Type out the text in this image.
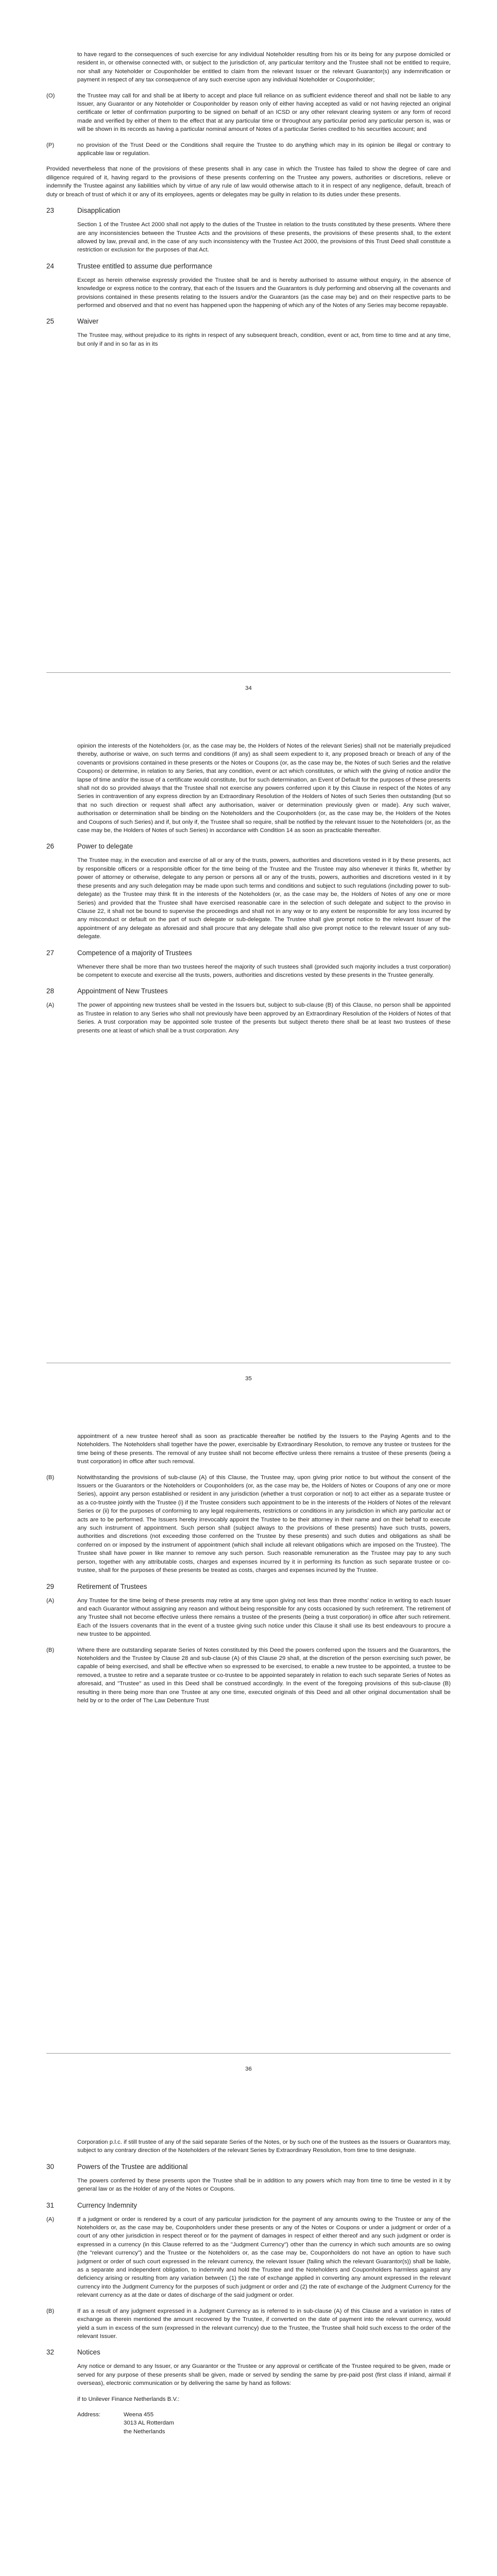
to have regard to the consequences of such exercise for any individual Noteholder resulting from his or its being for any purpose domiciled or resident in, or otherwise connected with, or subject to the jurisdiction of, any particular territory and the Trustee shall not be entitled to require, nor shall any Noteholder or Couponholder be entitled to claim from the relevant Issuer or the relevant Guarantor(s) any indemnification or payment in respect of any tax consequence of any such exercise upon any individual Noteholder or Couponholder;
(O)	the Trustee may call for and shall be at liberty to accept and place full reliance on as sufficient evidence thereof and shall not be liable to any Issuer, any Guarantor or any Noteholder or Couponholder by reason only of either having accepted as valid or not having rejected an original certificate or letter of confirmation purporting to be signed on behalf of an ICSD or any other relevant clearing system or any form of record made and verified by either of them to the effect that at any particular time or throughout any particular period any particular person is, was or will be shown in its records as having a particular nominal amount of Notes of a particular Series credited to his securities account; and
(P)	no provision of the Trust Deed or the Conditions shall require the Trustee to do anything which may in its opinion be illegal or contrary to applicable law or regulation.

Provided nevertheless that none of the provisions of these presents shall in any case in which the Trustee has failed to show the degree of care and diligence required of it, having regard to the provisions of these presents conferring on the Trustee any powers, authorities or discretions, relieve or indemnify the Trustee against any liabilities which by virtue of any rule of law would otherwise attach to it in respect of any negligence, default, breach of duty or breach of trust of which it or any of its employees, agents or delegates may be guilty in relation to its duties under these presents.

23	Disapplication
Section 1 of the Trustee Act 2000 shall not apply to the duties of the Trustee in relation to the trusts constituted by these presents. Where there are any inconsistencies between the Trustee Acts and the provisions of these presents, the provisions of these presents shall, to the extent allowed by law, prevail and, in the case of any such inconsistency with the Trustee Act 2000, the provisions of this Trust Deed shall constitute a restriction or exclusion for the purposes of that Act.
24	Trustee entitled to assume due performance
Except as herein otherwise expressly provided the Trustee shall be and is hereby authorised to assume without enquiry, in the absence of knowledge or express notice to the contrary, that each of the Issuers and the Guarantors is duly performing and observing all the covenants and provisions contained in these presents relating to the Issuers and/or the Guarantors (as the case may be) and on their respective parts to be performed and observed and that no event has happened upon the happening of which any of the Notes of any Series may become repayable.
25	Waiver
The Trustee may, without prejudice to its rights in respect of any subsequent breach, condition, event or act, from time to time and at any time, but only if and in so far as in its
34
opinion the interests of the Noteholders (or, as the case may be, the Holders of Notes of the relevant Series) shall not be materially prejudiced thereby, authorise or waive, on such terms and conditions (if any) as shall seem expedient to it, any proposed breach or breach of any of the covenants or provisions contained in these presents or the Notes or Coupons (or, as the case may be, the Notes of such Series and the relative Coupons) or determine, in relation to any Series, that any condition, event or act which constitutes, or which with the giving of notice and/or the lapse of time and/or the issue of a certificate would constitute, but for such determination, an Event of Default for the purposes of these presents shall not do so provided always that the Trustee shall not exercise any powers conferred upon it by this Clause in respect of the Notes of any Series in contravention of any express direction by an Extraordinary Resolution of the Holders of Notes of such Series then outstanding (but so that no such direction or request shall affect any authorisation, waiver or determination previously given or made). Any such waiver, authorisation or determination shall be binding on the Noteholders and the Couponholders (or, as the case may be, the Holders of the Notes and Coupons of such Series) and if, but only if, the Trustee shall so require, shall be notified by the relevant Issuer to the Noteholders (or, as the case may be, the Holders of Notes of such Series) in accordance with Condition 14 as soon as practicable thereafter.
26	Power to delegate
The Trustee may, in the execution and exercise of all or any of the trusts, powers, authorities and discretions vested in it by these presents, act by responsible officers or a responsible officer for the time being of the Trustee and the Trustee may also whenever it thinks fit, whether by power of attorney or otherwise, delegate to any person or persons all or any of the trusts, powers, authorities and discretions vested in it by these presents and any such delegation may be made upon such terms and conditions and subject to such regulations (including power to sub-delegate) as the Trustee may think fit in the interests of the Noteholders (or, as the case may be, the Holders of Notes of any one or more Series) and provided that the Trustee shall have exercised reasonable care in the selection of such delegate and subject to the proviso in Clause 22, it shall not be bound to supervise the proceedings and shall not in any way or to any extent be responsible for any loss incurred by any misconduct or default on the part of such delegate or sub-delegate. The Trustee shall give prompt notice to the relevant Issuer of the appointment of any delegate as aforesaid and shall procure that any delegate shall also give prompt notice to the relevant Issuer of any sub-delegate.
27	Competence of a majority of Trustees
Whenever there shall be more than two trustees hereof the majority of such trustees shall (provided such majority includes a trust corporation) be competent to execute and exercise all the trusts, powers, authorities and discretions vested by these presents in the Trustee generally.
28	Appointment of New Trustees
(A)	The power of appointing new trustees shall be vested in the Issuers but, subject to sub-clause (B) of this Clause, no person shall be appointed as Trustee in relation to any Series who shall not previously have been approved by an Extraordinary Resolution of the Holders of Notes of that Series. A trust corporation may be appointed sole trustee of the presents but subject thereto there shall be at least two trustees of these presents one at least of which shall be a trust corporation. Any
35
appointment of a new trustee hereof shall as soon as practicable thereafter be notified by the Issuers to the Paying Agents and to the Noteholders. The Noteholders shall together have the power, exercisable by Extraordinary Resolution, to remove any trustee or trustees for the time being of these presents. The removal of any trustee shall not become effective unless there remains a trustee of these presents (being a trust corporation) in office after such removal.
(B)	Notwithstanding the provisions of sub-clause (A) of this Clause, the Trustee may, upon giving prior notice to but without the consent of the Issuers or the Guarantors or the Noteholders or Couponholders (or, as the case may be, the Holders of Notes or Coupons of any one or more Series), appoint any person established or resident in any jurisdiction (whether a trust corporation or not) to act either as a separate trustee or as a co-trustee jointly with the Trustee (i) if the Trustee considers such appointment to be in the interests of the Holders of Notes of the relevant Series or (ii) for the purposes of conforming to any legal requirements, restrictions or conditions in any jurisdiction in which any particular act or acts are to be performed. The Issuers hereby irrevocably appoint the Trustee to be their attorney in their name and on their behalf to execute any such instrument of appointment. Such person shall (subject always to the provisions of these presents) have such trusts, powers, authorities and discretions (not exceeding those conferred on the Trustee by these presents) and such duties and obligations as shall be conferred on or imposed by the instrument of appointment (which shall include all relevant obligations which are imposed on the Trustee). The Trustee shall have power in like manner to remove any such person. Such reasonable remuneration as the Trustee may pay to any such person, together with any attributable costs, charges and expenses incurred by it in performing its function as such separate trustee or co-trustee, shall for the purposes of these presents be treated as costs, charges and expenses incurred by the Trustee.
29	Retirement of Trustees
(A)	Any Trustee for the time being of these presents may retire at any time upon giving not less than three months' notice in writing to each Issuer and each Guarantor without assigning any reason and without being responsible for any costs occasioned by such retirement. The retirement of any Trustee shall not become effective unless there remains a trustee of the presents (being a trust corporation) in office after such retirement. Each of the Issuers covenants that in the event of a trustee giving such notice under this Clause it shall use its best endeavours to procure a new trustee to be appointed.
(B)	Where there are outstanding separate Series of Notes constituted by this Deed the powers conferred upon the Issuers and the Guarantors, the Noteholders and the Trustee by Clause 28 and sub-clause (A) of this Clause 29 shall, at the discretion of the person exercising such power, be capable of being exercised, and shall be effective when so expressed to be exercised, to enable a new trustee to be appointed, a trustee to be removed, a trustee to retire and a separate trustee or co-trustee to be appointed separately in relation to each such separate Series of Notes as aforesaid, and "Trustee" as used in this Deed shall be construed accordingly. In the event of the foregoing provisions of this sub-clause (B) resulting in there being more than one Trustee at any one time, executed originals of this Deed and all other original documentation shall be held by or to the order of The Law Debenture Trust
36
Corporation p.l.c. if still trustee of any of the said separate Series of the Notes, or by such one of the trustees as the Issuers or Guarantors may, subject to any contrary direction of the Noteholders of the relevant Series by Extraordinary Resolution, from time to time designate.
30	Powers of the Trustee are additional
The powers conferred by these presents upon the Trustee shall be in addition to any powers which may from time to time be vested in it by general law or as the Holder of any of the Notes or Coupons.
31	Currency Indemnity
(A)	If a judgment or order is rendered by a court of any particular jurisdiction for the payment of any amounts owing to the Trustee or any of the Noteholders or, as the case may be, Couponholders under these presents or any of the Notes or Coupons or under a judgment or order of a court of any other jurisdiction in respect thereof or for the payment of damages in respect of either thereof and any such judgment or order is expressed in a currency (in this Clause referred to as the "Judgment Currency") other than the currency in which such amounts are so owing (the "relevant currency") and the Trustee or the Noteholders or, as the case may be, Couponholders do not have an option to have such judgment or order of such court expressed in the relevant currency, the relevant Issuer (failing which the relevant Guarantor(s)) shall be liable, as a separate and independent obligation, to indemnify and hold the Trustee and the Noteholders and Couponholders harmless against any deficiency arising or resulting from any variation between (1) the rate of exchange applied in converting any amount expressed in the relevant currency into the Judgment Currency for the purposes of such judgment or order and (2) the rate of exchange of the Judgment Currency for the relevant currency as at the date or dates of discharge of the said judgment or order.
(B)	If as a result of any judgment expressed in a Judgment Currency as is referred to in sub-clause (A) of this Clause and a variation in rates of exchange as therein mentioned the amount recovered by the Trustee, if converted on the date of payment into the relevant currency, would yield a sum in excess of the sum (expressed in the relevant currency) due to the Trustee, the Trustee shall hold such excess to the order of the relevant Issuer.
32	Notices
Any notice or demand to any Issuer, or any Guarantor or the Trustee or any approval or certificate of the Trustee required to be given, made or served for any purpose of these presents shall be given, made or served by sending the same by pre-paid post (first class if inland, airmail if overseas), electronic communication or by delivering the same by hand as follows:
if to Unilever Finance Netherlands B.V.:
Address:	Weena 455
3013 AL Rotterdam
the Netherlands
